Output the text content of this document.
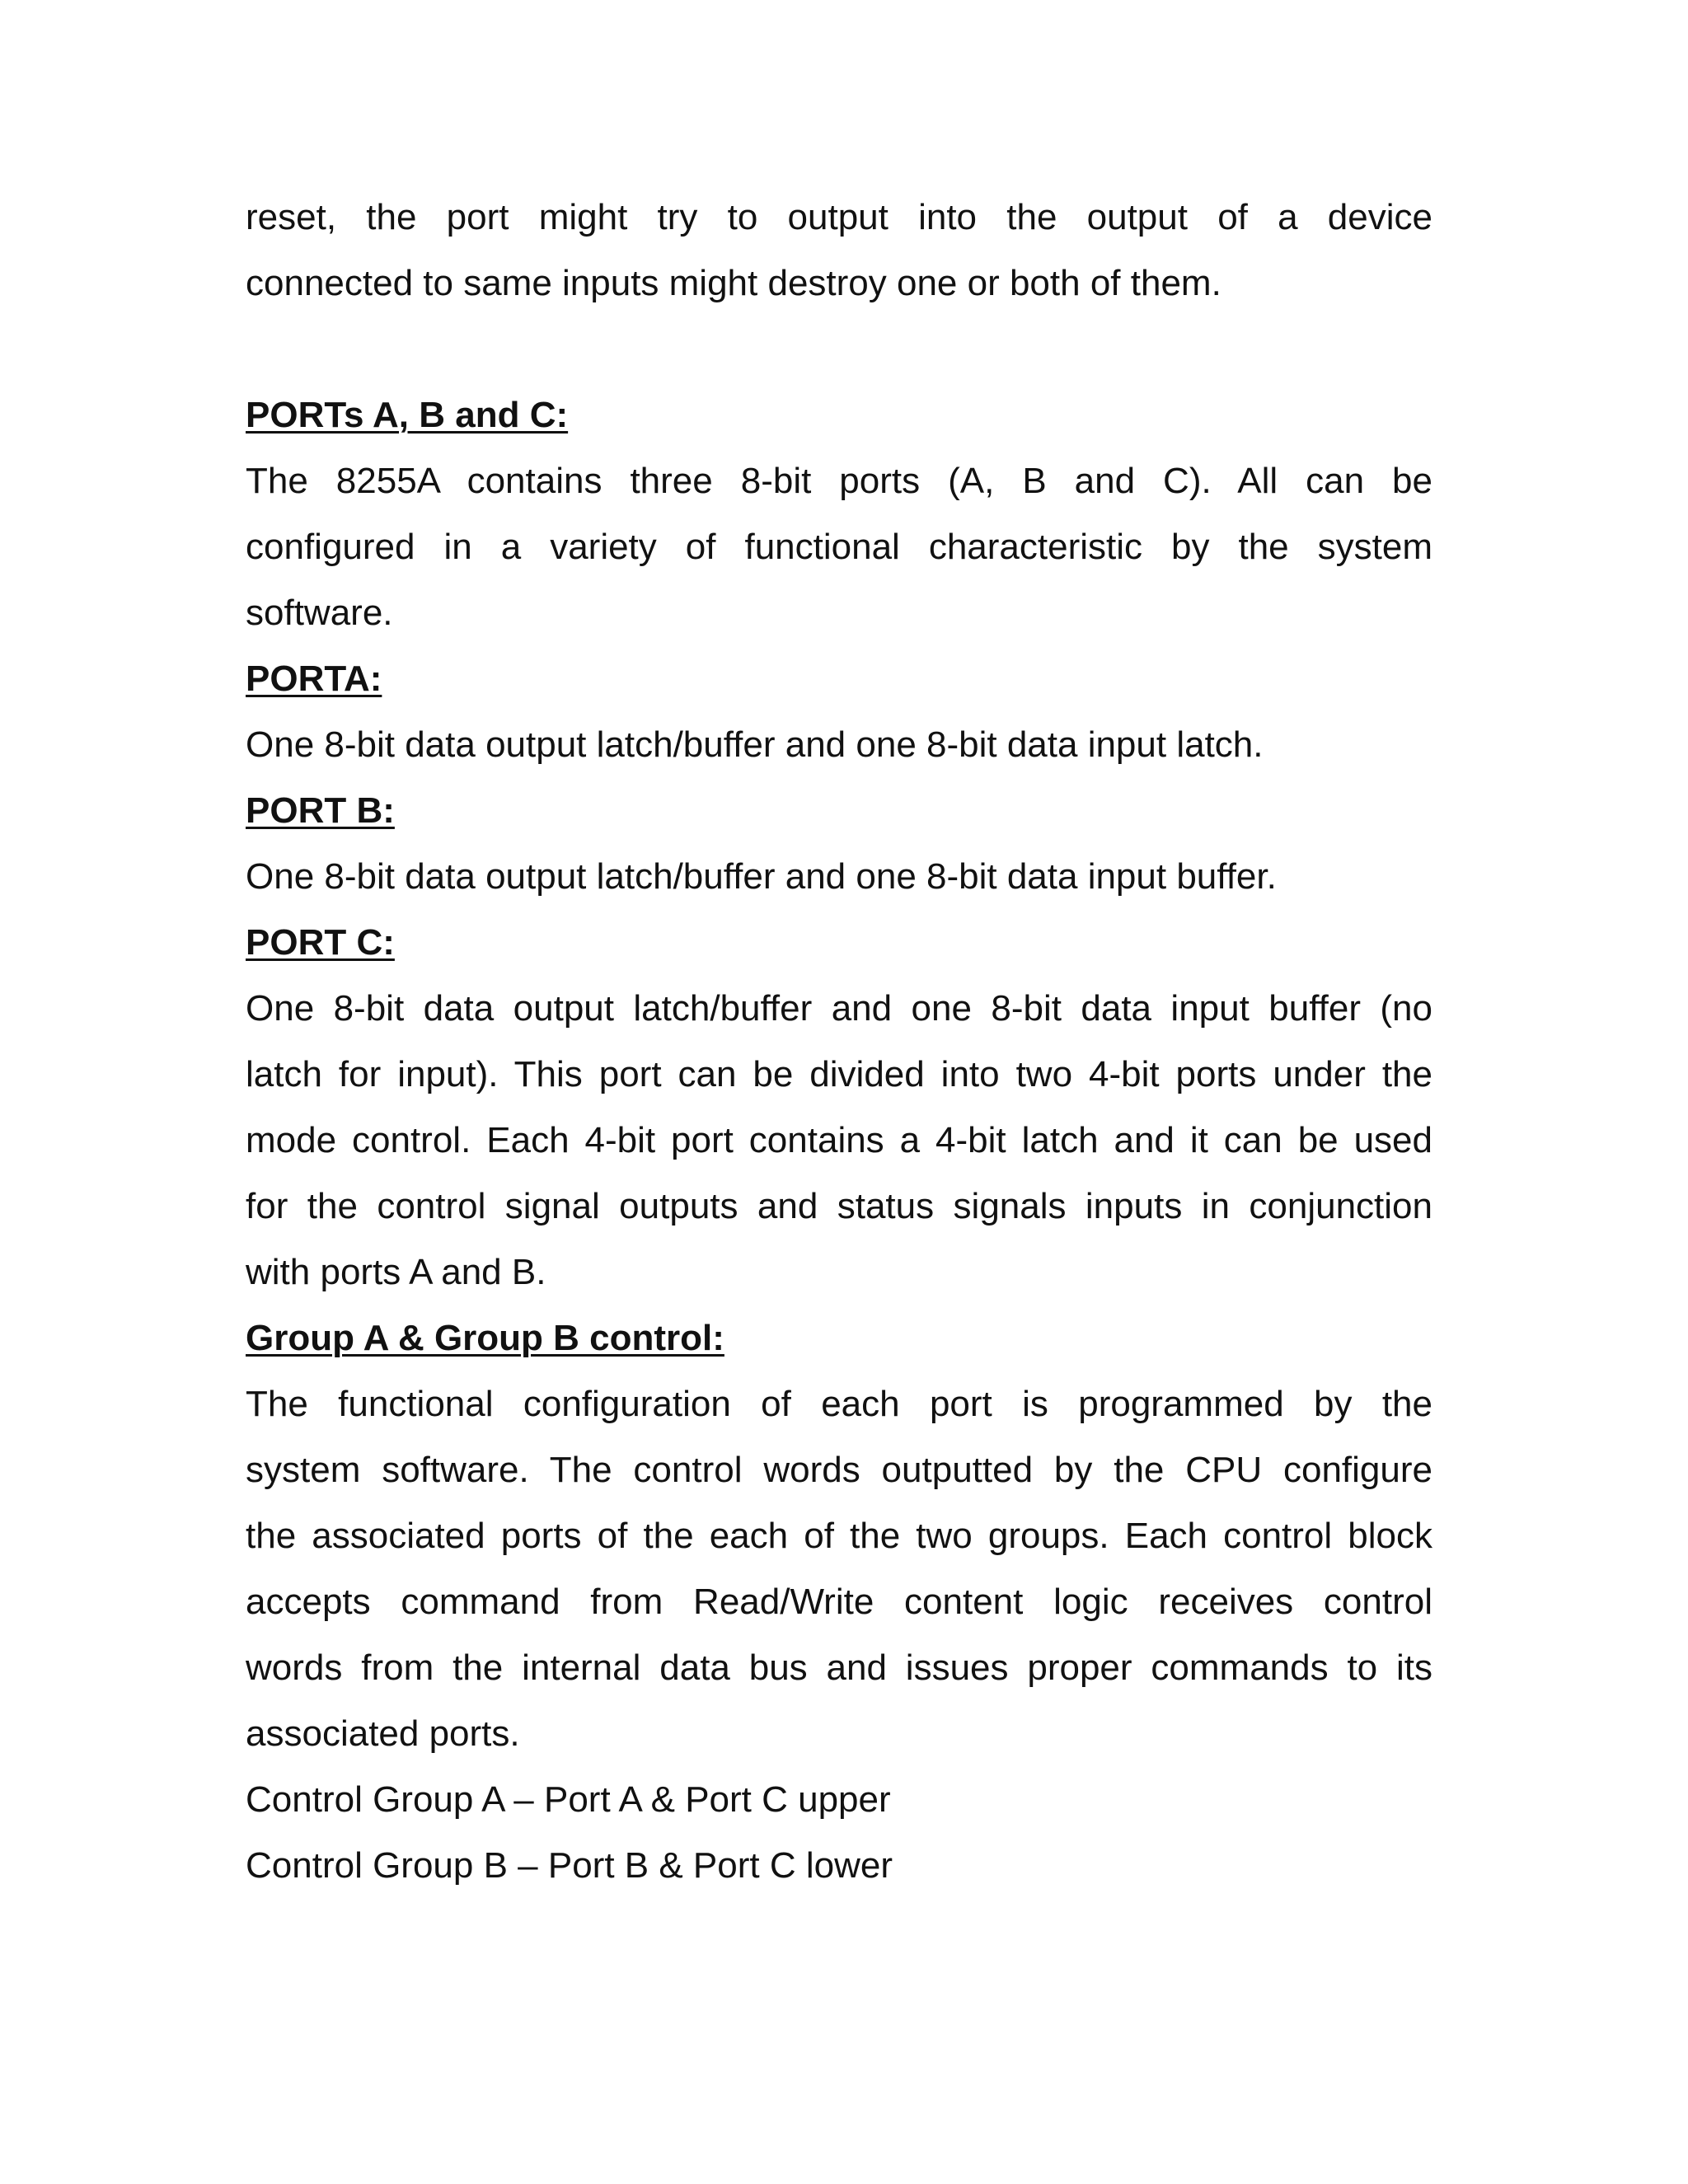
reset, the port might try to output into the output of a device
connected to same inputs might destroy one or both of them.
PORTs A, B and C:
The 8255A contains three 8-bit ports (A, B and C). All can be
configured in a variety of functional characteristic by the system
software.
PORTA:
One 8-bit data output latch/buffer and one 8-bit data input latch.
PORT B:
One 8-bit data output latch/buffer and one 8-bit data input buffer.
PORT C:
One 8-bit data output latch/buffer and one 8-bit data input buffer (no
latch for input). This port can be divided into two 4-bit ports under the
mode control. Each 4-bit port contains a 4-bit latch and it can be used
for the control signal outputs and status signals inputs in conjunction
with ports A and B.
Group A & Group B control:
The functional configuration of each port is programmed by the
system software. The control words outputted by the CPU configure
the associated ports of the each of the two groups. Each control block
accepts command from Read/Write content logic receives control
words from the internal data bus and issues proper commands to its
associated ports.
Control Group A – Port A & Port C upper
Control Group B – Port B & Port C lower
